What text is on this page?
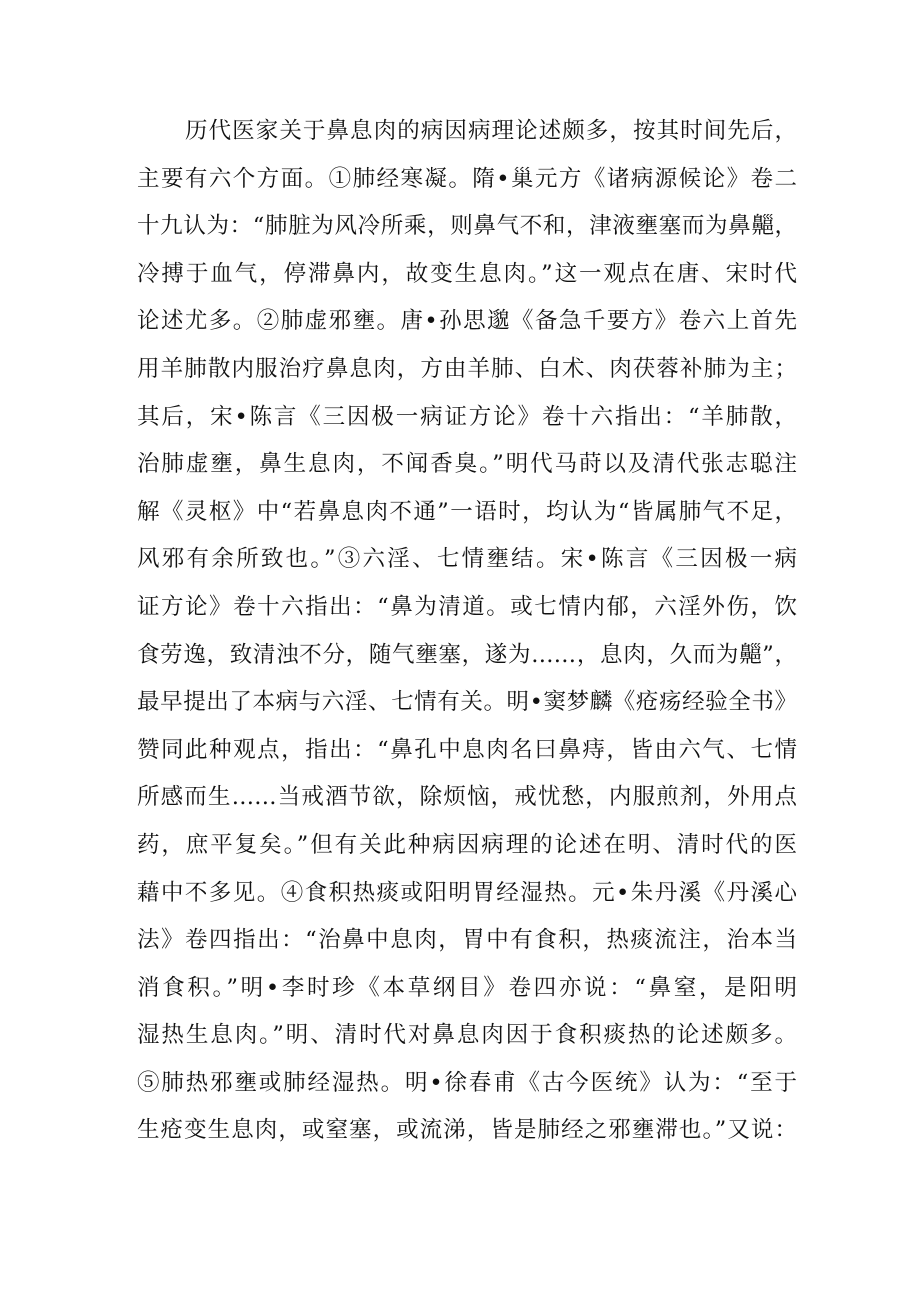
历代医家关于鼻息肉的病因病理论述颇多，按其时间先后，
主要有六个方面。①肺经寒凝。隋•巢元方《诸病源候论》卷二
十九认为：“肺脏为风冷所乘，则鼻气不和，津液壅塞而为鼻齆，
冷搏于血气，停滞鼻内，故变生息肉。”这一观点在唐、宋时代
论述尤多。②肺虚邪壅。唐•孙思邈《备急千要方》卷六上首先
用羊肺散内服治疗鼻息肉，方由羊肺、白术、肉茯蓉补肺为主；
其后，宋•陈言《三因极一病证方论》卷十六指出：“羊肺散，
治肺虚壅，鼻生息肉，不闻香臭。”明代马莳以及清代张志聪注
解《灵枢》中“若鼻息肉不通”一语时，均认为“皆属肺气不足，
风邪有余所致也。”③六淫、七情壅结。宋•陈言《三因极一病
证方论》卷十六指出：“鼻为清道。或七情内郁，六淫外伤，饮
食劳逸，致清浊不分，随气壅塞，遂为……，息肉，久而为齆”，
最早提出了本病与六淫、七情有关。明•窦梦麟《疮疡经验全书》
赞同此种观点，指出：“鼻孔中息肉名曰鼻痔，皆由六气、七情
所感而生……当戒酒节欲，除烦恼，戒忧愁，内服煎剂，外用点
药，庶平复矣。”但有关此种病因病理的论述在明、清时代的医
藉中不多见。④食积热痰或阳明胃经湿热。元•朱丹溪《丹溪心
法》卷四指出：“治鼻中息肉，胃中有食积，热痰流注，治本当
消食积。”明•李时珍《本草纲目》卷四亦说：“鼻窒，是阳明
湿热生息肉。”明、清时代对鼻息肉因于食积痰热的论述颇多。
⑤肺热邪壅或肺经湿热。明•徐春甫《古今医统》认为：“至于
生疮变生息肉，或窒塞，或流涕，皆是肺经之邪壅滞也。”又说：
